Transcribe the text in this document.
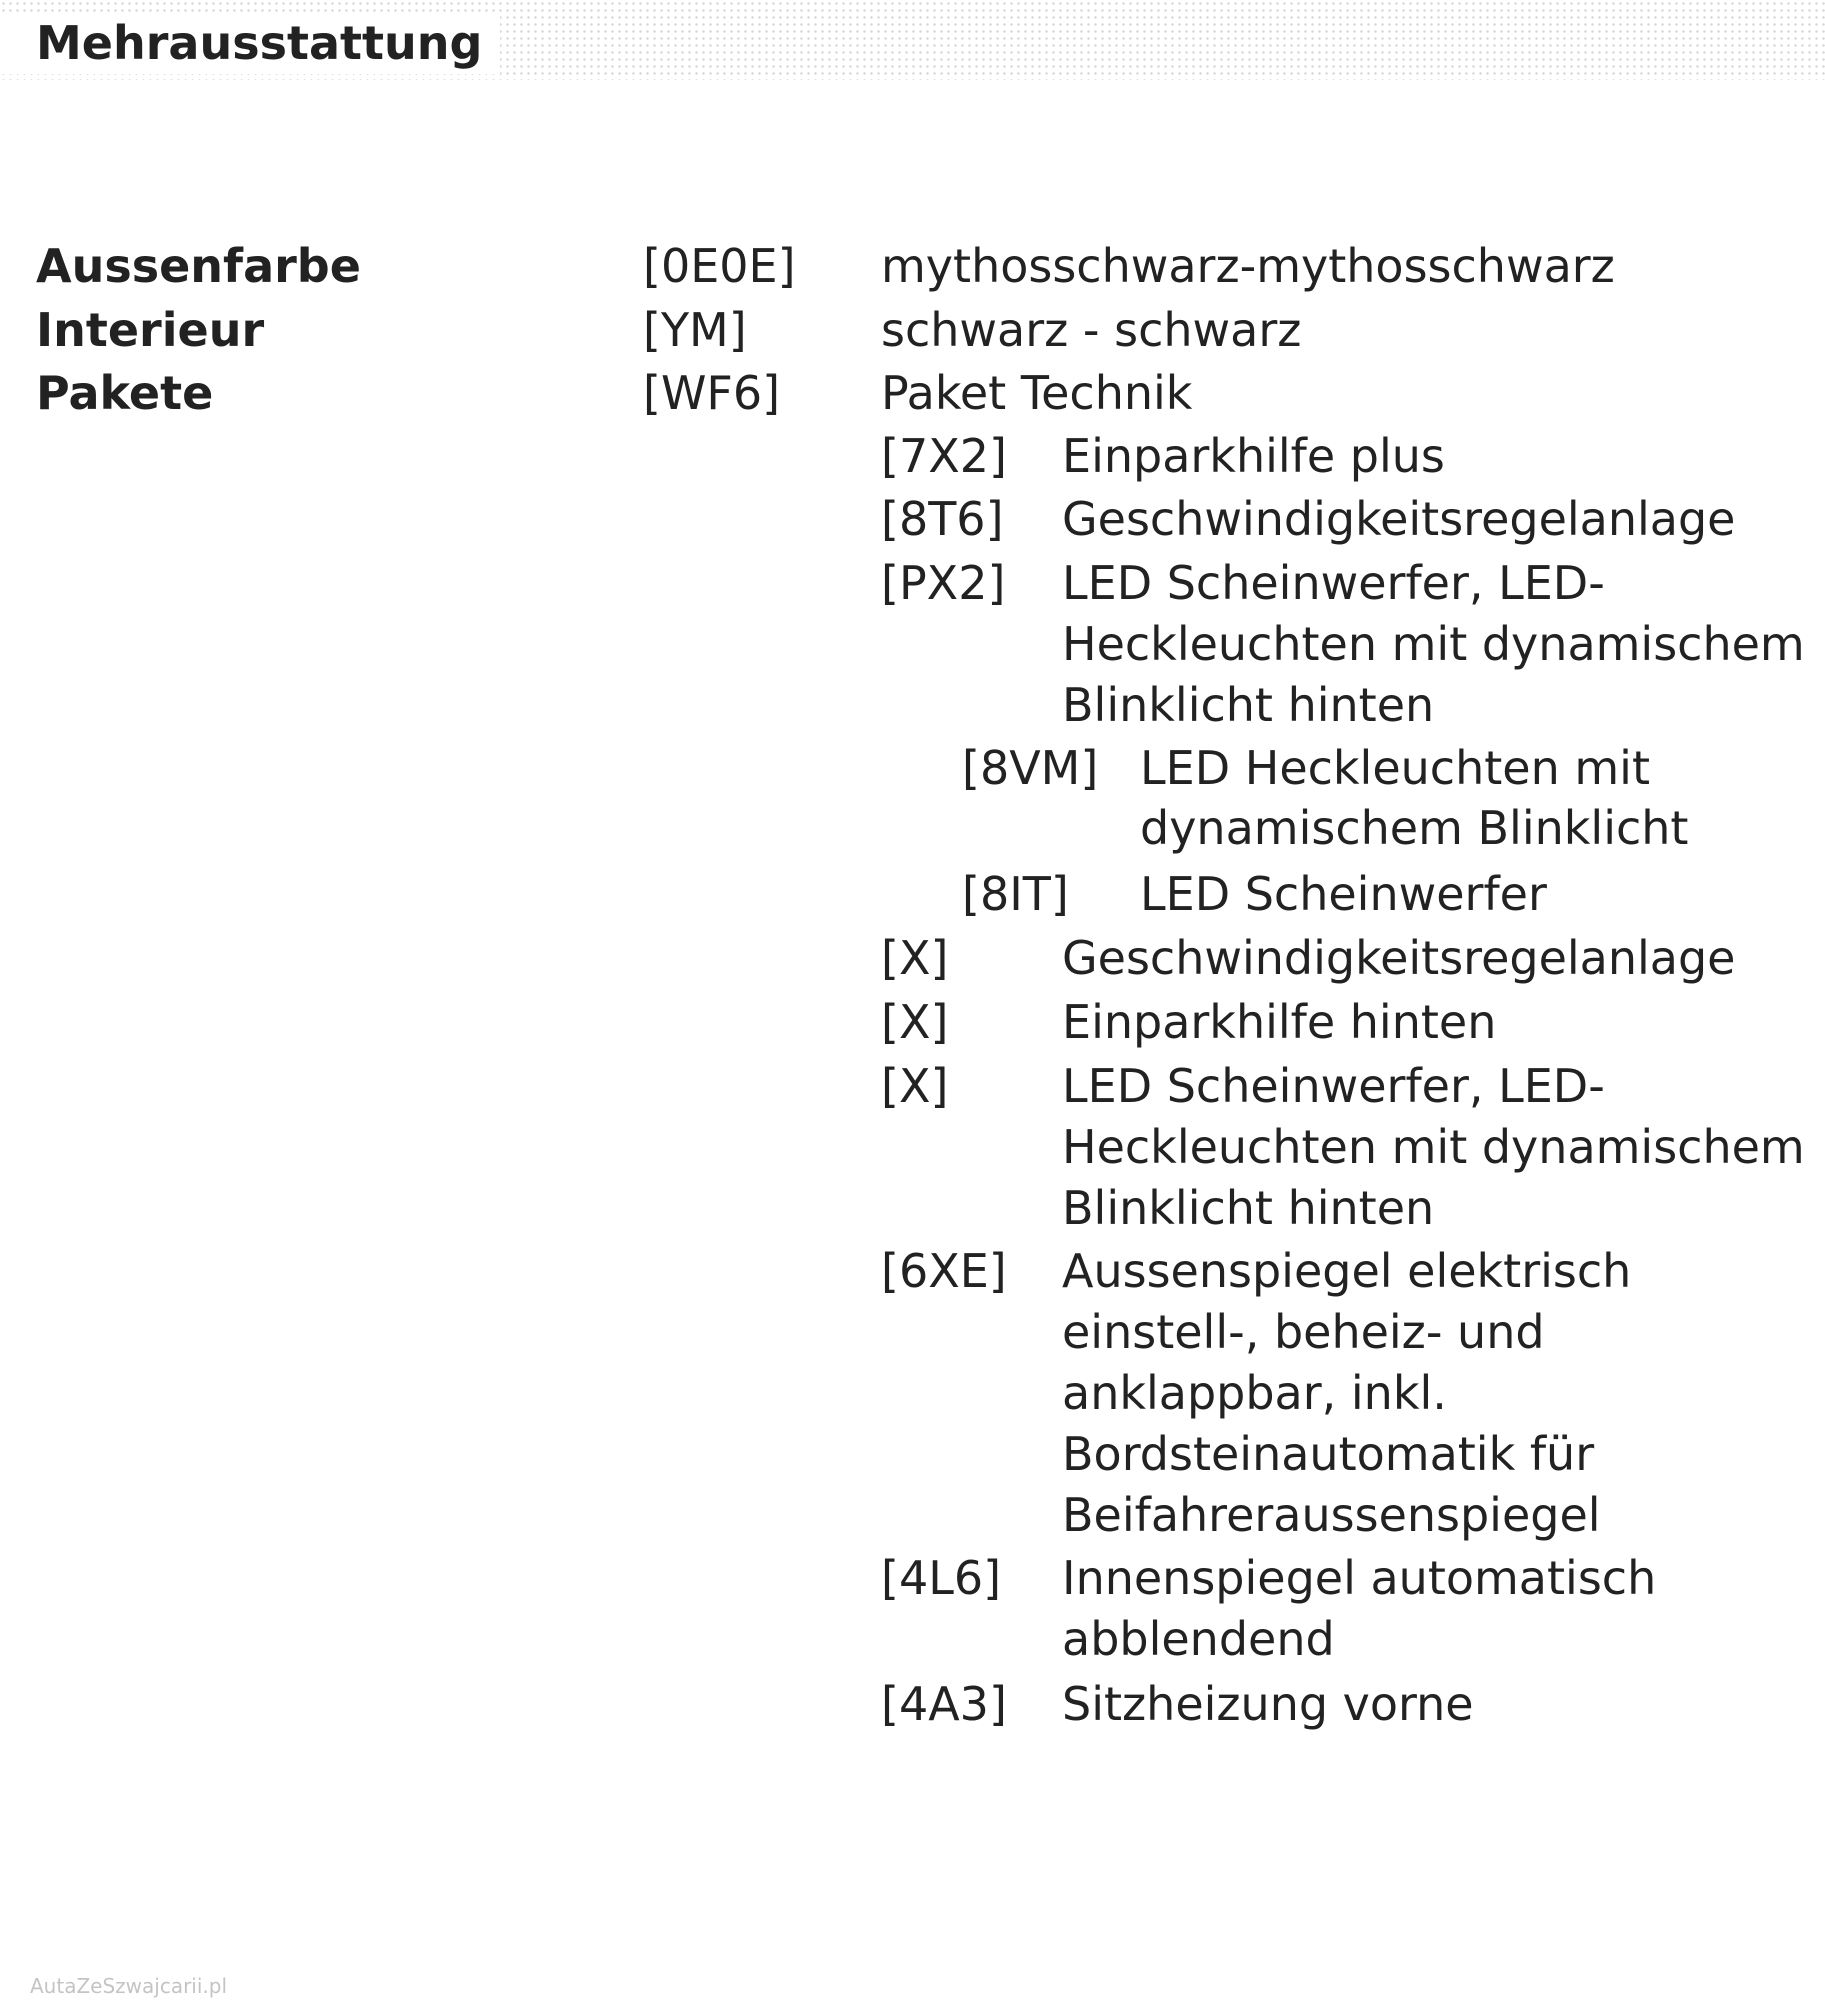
Mehrausstattung
Aussenfarbe	[0E0E] mythosschwarz-mythosschwarz
Interieur	[YM]	schwarz - schwarz
Pakete	[WF6] Paket Technik
[7X2] Einparkhilfe plus
[8T6] Geschwindigkeitsregelanlage
[PX2] LED Scheinwerfer, LED-
Heckleuchten mit dynamischem
Blinklicht hinten
[8VM] LED Heckleuchten mit
dynamischem Blinklicht
[8IT] LED Scheinwerfer
[X] Geschwindigkeitsregelanlage
[X] Einparkhilfe hinten
[X] LED Scheinwerfer, LED-
Heckleuchten mit dynamischem
Blinklicht hinten
[6XE] Aussenspiegel elektrisch
einstell-, beheiz- und
anklappbar, inkl.
Bordsteinautomatik für
Beifahreraussenspiegel
[4L6] Innenspiegel automatisch
abblendend
[4A3] Sitzheizung vorne
AutaZeSzwajcarii.pl
